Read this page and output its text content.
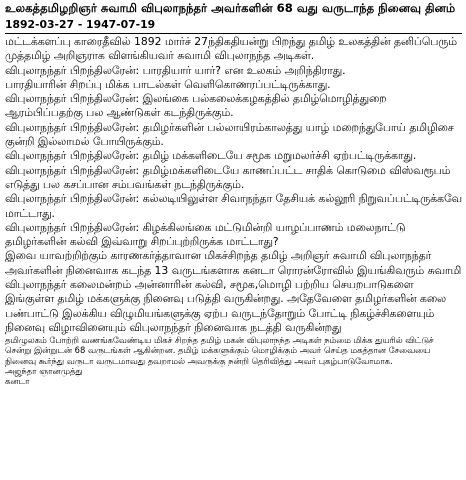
உலகத்தமிழறிஞர் சுவாமி விபுலாநந்தர் அவர்களின் 68 வது வருடாந்த நினைவு தினம்
1892-03-27 - 1947-07-19

மட்டக்களப்பு காரைதீவில் 1892 மார்ச் 27ந்திகதியன்று பிறந்து தமிழ் உலகத்தின் தனிப்பெரும் முத்தமிழ் அறிஞராக விளங்கியவர் சுவாமி விபுலாநந்த அடிகள்.

விபுலாநந்தர் பிறந்திலரேன்: பாரதியார் யார்? என உலகம் அறிந்திராது.

பாரதியாரின் சிறப்பு மிக்க பாடல்கள் வெளிகொணரப்பட்டிருக்காது.

விபுலாநந்தர் பிறந்திலரேன்: இலங்கை பல்கலைக்கழகத்தில் தமிழ்மொழித்துறை ஆரம்பிப்பதற்கு பல ஆண்டுகள் கடந்திருக்கும்.

விபுலாநந்தர் பிறந்திலரேன்: தமிழர்களின் பல்லாயிரம்காலத்து யாழ் மறைந்துபோய் தமிழிசை குன்றி இல்லாமல் போயிருக்கும்.

விபுலாநந்தர் பிறந்திலரேன்: தமிழ் மக்களிடையே சமூக மறுமலர்ச்சி ஏற்பட்டிருக்காது.

விபுலாநந்தர் பிறந்திலரேன்: தமிழ்மக்களிடையே காணப்பட்ட சாதிக் கொடுமை விஸ்வரூபம் எடுத்து பல கசப்பான சம்பவங்கள் நடந்திருக்கும்.

விபுலாநந்தர் பிறந்திலரேன்: கல்லடியிலுள்ள சிவாநந்தா தேசியக் கல்லூரி நிறுவப்பட்டிருக்கவே மாட்டாது.

விபுலாநந்தர் பிறந்திலரேன்: கிழக்கிலங்கை மட்டுமின்றி யாழப்பாணம் மலைநாட்டு தமிழர்களின் கல்வி இவ்வாறு சிறப்புற்றிருக்க மாட்டாது?

இவை யாவற்றிற்கும் காரணகர்த்தாவான மிகச்சிறந்த தமிழ் அறிஞர் சுவாமி விபுலாநந்தர் அவர்களின் நினைவாக கடந்த 13 வருடங்களாக கனடா ரொரன்ரோவில் இயங்கிவரும் சுவாமி விபுலாநந்தர் கலைமன்றம் அன்னாரின் கல்வி, சமூக,மொழி பற்றிய செயறபாடுகளை இங்குள்ள தமிழ் மக்களுக்கு நினைவு படுத்தி வருகின்றது. அதேவேளை தமிழர்களின் கலை பண்பாட்டு இலக்கிய விழுமியங்களுக்கு ஏற்ப வருடந்தோறும் போட்டி நிகழ்ச்சிகளையும் நினைவு விழாவினையும் விபுலாநந்தர் நினைவாக நடத்தி வருகின்றது

தமிழுலகம் போற்றி வணங்கவேண்டிய மிகச் சிறந்த தமிழ் மகன் விபுலாநந்த அடிகள் நம்மை மிக்க துயரில் விட்டுச் சென்று இன்றுடன் 68 வருடங்கள் ஆகின்றன. தமிழ் மக்களுக்கும் மொழிக்கும் அவர் செய்த மகத்தான சேவையை நினைவு கூர்ந்து வருடா வருடமாவது தவறாமல் அவருக்கு நன்றி தெரிவித்து அவர் புகழ்பாடுவோமாக.

அஜந்தா ஞானமுத்து

கனடா
